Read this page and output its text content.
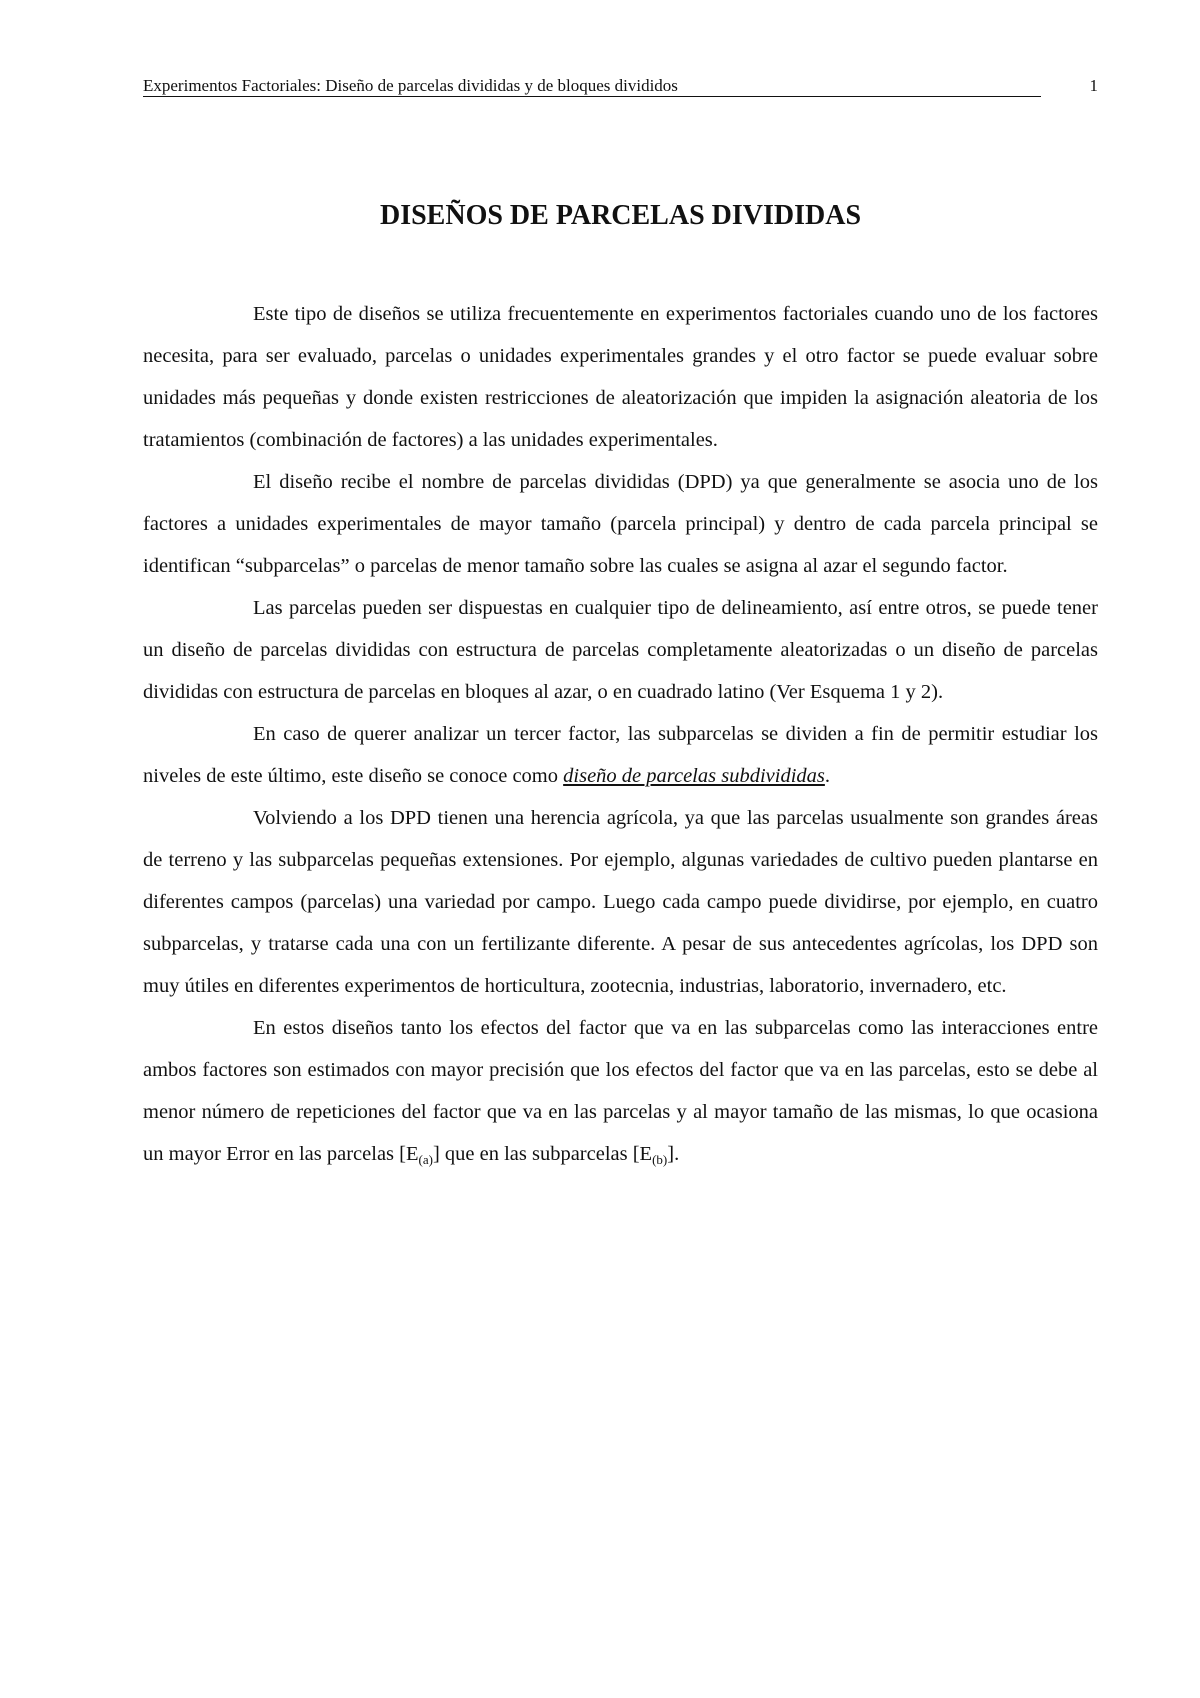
Experimentos Factoriales: Diseño de parcelas divididas y de bloques divididos	1
DISEÑOS DE PARCELAS DIVIDIDAS

Este tipo de diseños se utiliza frecuentemente en experimentos factoriales cuando uno de los factores necesita, para ser evaluado, parcelas o unidades experimentales grandes y el otro factor se puede evaluar sobre unidades más pequeñas y donde existen restricciones de aleatorización que impiden la asignación aleatoria de los tratamientos (combinación de factores) a las unidades experimentales.

El diseño recibe el nombre de parcelas divididas (DPD) ya que generalmente se asocia uno de los factores a unidades experimentales de mayor tamaño (parcela principal) y dentro de cada parcela principal se identifican “subparcelas” o parcelas de menor tamaño sobre las cuales se asigna al azar el segundo factor.

Las parcelas pueden ser dispuestas en cualquier tipo de delineamiento, así entre otros, se puede tener un diseño de parcelas divididas con estructura de parcelas completamente aleatorizadas o un diseño de parcelas divididas con estructura de parcelas en bloques al azar, o en cuadrado latino (Ver Esquema 1 y 2).

En caso de querer analizar un tercer factor, las subparcelas se dividen a fin de permitir estudiar los niveles de este último, este diseño se conoce como diseño de parcelas subdivididas.

Volviendo a los DPD tienen una herencia agrícola, ya que las parcelas usualmente son grandes áreas de terreno y las subparcelas pequeñas extensiones. Por ejemplo, algunas variedades de cultivo pueden plantarse en diferentes campos (parcelas) una variedad por campo. Luego cada campo puede dividirse, por ejemplo, en cuatro subparcelas, y tratarse cada una con un fertilizante diferente. A pesar de sus antecedentes agrícolas, los DPD son muy útiles en diferentes experimentos de horticultura, zootecnia, industrias, laboratorio, invernadero, etc.

En estos diseños tanto los efectos del factor que va en las subparcelas como las interacciones entre ambos factores son estimados con mayor precisión que los efectos del factor que va en las parcelas, esto se debe al menor número de repeticiones del factor que va en las parcelas y al mayor tamaño de las mismas, lo que ocasiona un mayor Error en las parcelas $[E_{(a)}]$ que en las subparcelas $[E_{(b)}]$.
